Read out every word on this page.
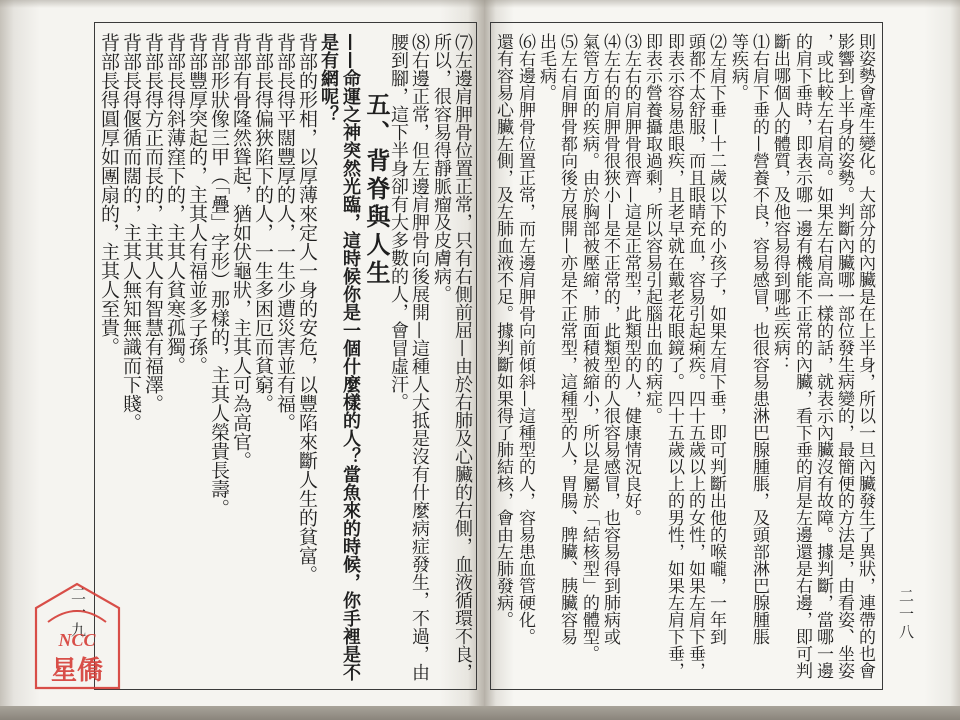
則姿勢會產生變化。大部分的內臟是在上半身，所以一旦內臟發生了異狀，連帶的也會
影響到上半身的姿勢。判斷內臟哪一部位發生病變的，最簡便的方法是，由看姿、坐姿
，或比較左右肩高。如果左右肩高一樣的話，就表示內臟沒有故障。據判斷，當哪一邊
的肩下垂時，即表示哪一邊有機能不正常的內臟，看下垂的肩是左邊還是右邊，即可判
斷出哪個人的體質，及他容易得到哪些疾病：
⑴右肩下垂的—營養不良，容易感冒，也很容易患淋巴腺腫脹，及頭部淋巴腺腫脹
等疾病。
⑵左肩下垂—十二歲以下的小孩子，如果左肩下垂，即可判斷出他的喉嚨，一年到
頭都不太舒服，而且眼睛充血，容易引起痢疾。四十五歲以上的女性，如果左肩下垂，
即表示容易患眼疾，且老早就在戴老花眼鏡了。四十五歲以上的男性，如果左肩下垂，
即表示營養攝取過剩，所以容易引起腦出血的病症。
⑶左右的肩胛骨很齊—這是正常型，此類型的人，健康情況良好。
⑷左右的肩胛骨很狹小—是不正常的，此類型的人很容易感冒，也容易得到肺病或
氣管方面的疾病。由於胸部被壓縮，肺面積被縮小，所以是屬於「結核型」的體型。
⑸左右肩胛骨都向後方展開—亦是不正常型，這種型的人，胃腸、脾臟、胰臟容易
出毛病。
⑹右邊肩胛骨位置正常，而左邊肩胛骨向前傾斜—這種型的人，容易患血管硬化。
還有容易心臟左側，及左肺血液不足。據判斷如果得了肺結核，會由左肺發病。	二一八
⑺左邊肩胛骨位置正常，只有右側前屈—由於右肺及心臟的右側，血液循環不良，
所以，很容易得靜脈瘤及皮膚病。
⑻右邊正常，但左邊肩胛骨向後展開—這種人大抵是沒有什麼病症發生，不過，由
腰到腳，這下半身卻有大多數的人，會冒虛汗。
五、背脊與人生
——命運之神突然光臨，這時候你是一個什麼樣的人？當魚來的時候，你手裡是不
是有網呢？
背部的形相，以厚薄來定人一身的安危，以豐陷來斷人生的貧富。
背部長得平闊豐厚的人，一生少遭災害並有福。
背部長得偏狹陷下的人，一生多困厄而貧窮。
背部有骨隆然聳起，猶如伏龜狀，主其人可為高官。
背部形狀像三甲（「疊」字形）那樣的，主其人榮貴長壽。
背部豐厚突起的，主其人有福並多子孫。
背部長得斜薄窪下的，主其人貧寒孤獨。
背部長得方正而長的，主其人有智慧有福澤。
背部長得偃循而闊的，主其人無知無識而下賤。
背部長得圓厚如團扇的，主其人至貴。
二一九
NCC
星僑
